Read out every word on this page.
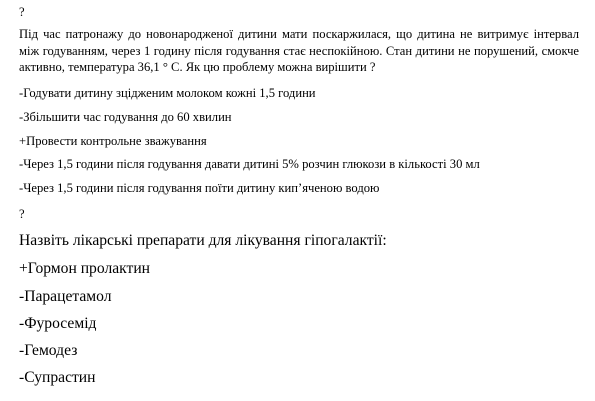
?
Під час патронажу до новонародженої дитини мати поскаржилася, що дитина не витримує інтервал між годуванням, через 1 годину після годування стає неспокійною. Стан дитини не порушений, смокче активно, температура 36,1 ° С. Як цю проблему можна вирішити ?
-Годувати дитину зцідженим молоком кожні 1,5 години
-Збільшити час годування до 60 хвилин
+Провести контрольне зважування
-Через 1,5 години після годування давати дитині 5% розчин глюкози в кількості 30 мл
-Через 1,5 години після годування поїти дитину кип’яченою водою
?
Назвіть лікарські препарати для лікування гіпогалактії:
+Гормон пролактин
-Парацетамол
-Фуросемід
-Гемодез
-Супрастин
